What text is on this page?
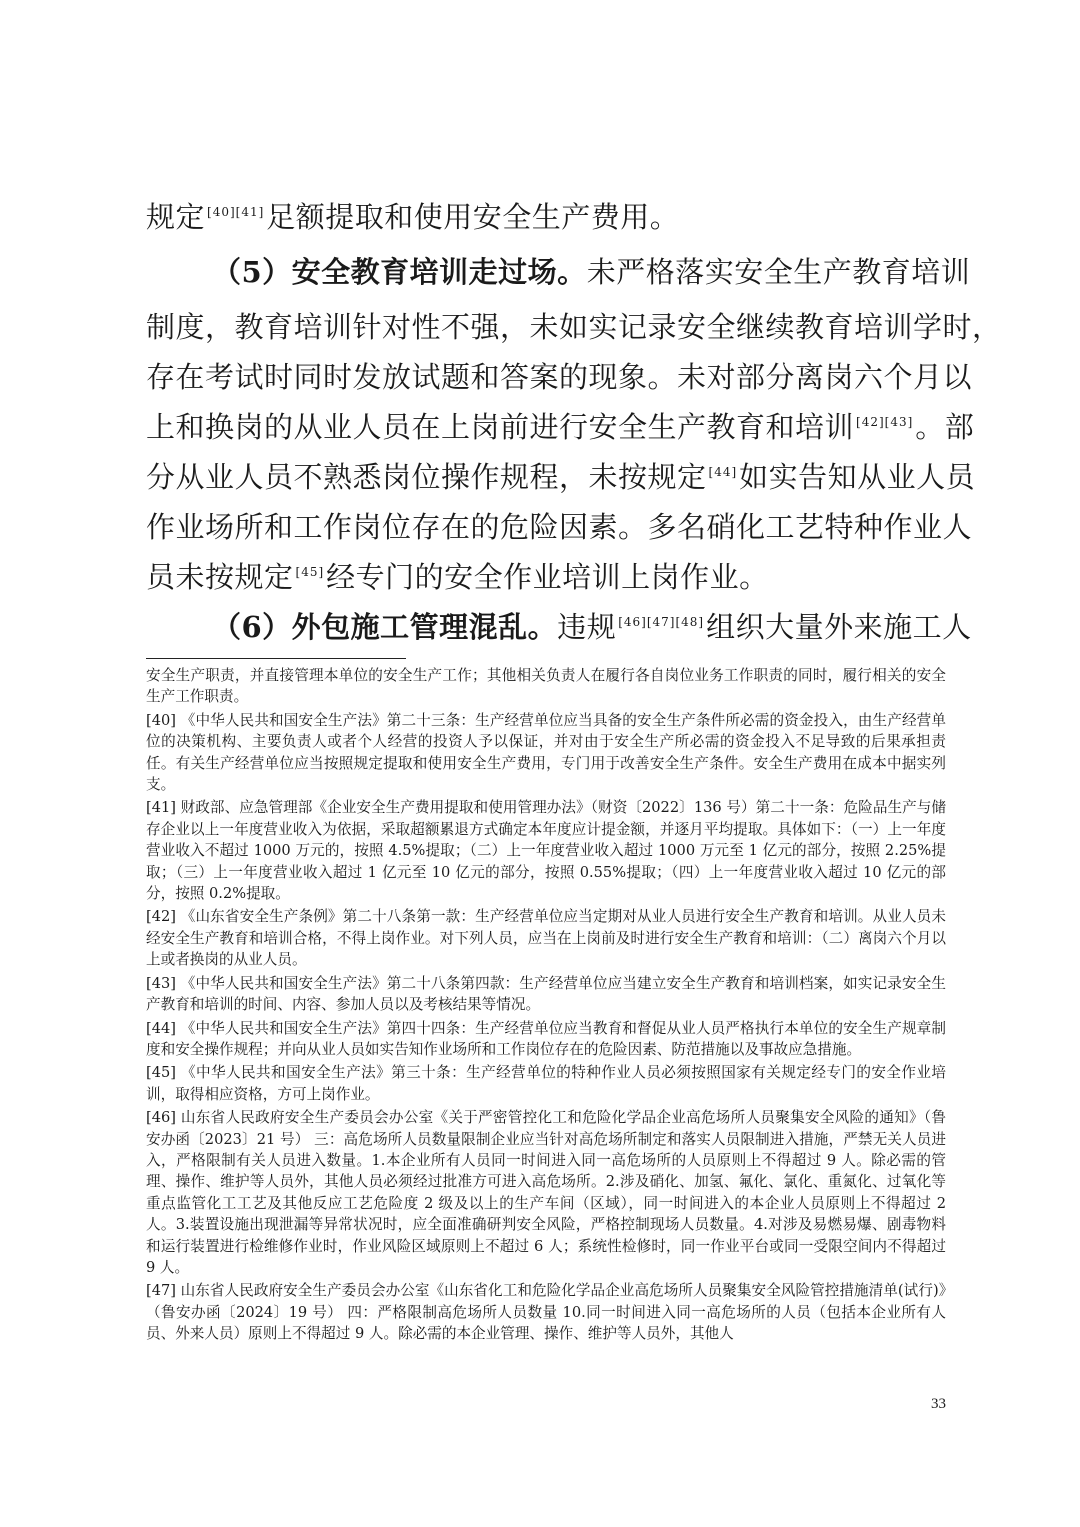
规定 [40][41]足额提取和使用安全生产费用。
（5）安全教育培训走过场。未严格落实安全生产教育培训
制度，教育培训针对性不强，未如实记录安全继续教育培训学时，
存在考试时同时发放试题和答案的现象。未对部分离岗六个月以
上和换岗的从业人员在上岗前进行安全生产教育和培训 [42][43]。部
分从业人员不熟悉岗位操作规程，未按规定 [44]如实告知从业人员
作业场所和工作岗位存在的危险因素。多名硝化工艺特种作业人
员未按规定 [45]经专门的安全作业培训上岗作业。
（6）外包施工管理混乱。违规 [46][47][48]组织大量外来施工人

安全生产职责，并直接管理本单位的安全生产工作；其他相关负责人在履行各自岗位业务工作职责的同时，履行相关的安全生产工作职责。

[40] 《中华人民共和国安全生产法》第二十三条：生产经营单位应当具备的安全生产条件所必需的资金投入，由生产经营单位的决策机构、主要负责人或者个人经营的投资人予以保证，并对由于安全生产所必需的资金投入不足导致的后果承担责任。有关生产经营单位应当按照规定提取和使用安全生产费用，专门用于改善安全生产条件。安全生产费用在成本中据实列支。

[41] 财政部、应急管理部《企业安全生产费用提取和使用管理办法》（财资〔2022〕136 号）第二十一条：危险品生产与储存企业以上一年度营业收入为依据，采取超额累退方式确定本年度应计提金额，并逐月平均提取。具体如下：（一）上一年度营业收入不超过 1000 万元的，按照 4.5%提取；（二）上一年度营业收入超过 1000 万元至 1 亿元的部分，按照 2.25%提取；（三）上一年度营业收入超过 1 亿元至 10 亿元的部分，按照 0.55%提取；（四）上一年度营业收入超过 10 亿元的部分，按照 0.2%提取。

[42] 《山东省安全生产条例》第二十八条第一款：生产经营单位应当定期对从业人员进行安全生产教育和培训。从业人员未经安全生产教育和培训合格，不得上岗作业。对下列人员，应当在上岗前及时进行安全生产教育和培训：（二）离岗六个月以上或者换岗的从业人员。

[43] 《中华人民共和国安全生产法》第二十八条第四款：生产经营单位应当建立安全生产教育和培训档案，如实记录安全生产教育和培训的时间、内容、参加人员以及考核结果等情况。

[44] 《中华人民共和国安全生产法》第四十四条：生产经营单位应当教育和督促从业人员严格执行本单位的安全生产规章制度和安全操作规程；并向从业人员如实告知作业场所和工作岗位存在的危险因素、防范措施以及事故应急措施。

[45] 《中华人民共和国安全生产法》第三十条：生产经营单位的特种作业人员必须按照国家有关规定经专门的安全作业培训，取得相应资格，方可上岗作业。

[46] 山东省人民政府安全生产委员会办公室《关于严密管控化工和危险化学品企业高危场所人员聚集安全风险的通知》（鲁安办函〔2023〕21 号） 三：高危场所人员数量限制企业应当针对高危场所制定和落实人员限制进入措施，严禁无关人员进入，严格限制有关人员进入数量。1.本企业所有人员同一时间进入同一高危场所的人员原则上不得超过 9 人。除必需的管理、操作、维护等人员外，其他人员必须经过批准方可进入高危场所。2.涉及硝化、加氢、氟化、氯化、重氮化、过氧化等重点监管化工工艺及其他反应工艺危险度 2 级及以上的生产车间（区域），同一时间进入的本企业人员原则上不得超过 2 人。3.装置设施出现泄漏等异常状况时，应全面准确研判安全风险，严格控制现场人员数量。4.对涉及易燃易爆、剧毒物料和运行装置进行检维修作业时，作业风险区域原则上不超过 6 人；系统性检修时，同一作业平台或同一受限空间内不得超过 9 人。

[47] 山东省人民政府安全生产委员会办公室《山东省化工和危险化学品企业高危场所人员聚集安全风险管控措施清单(试行)》（鲁安办函〔2024〕19 号） 四：严格限制高危场所人员数量 10.同一时间进入同一高危场所的人员（包括本企业所有人员、外来人员）原则上不得超过 9 人。除必需的本企业管理、操作、维护等人员外，其他人

33
